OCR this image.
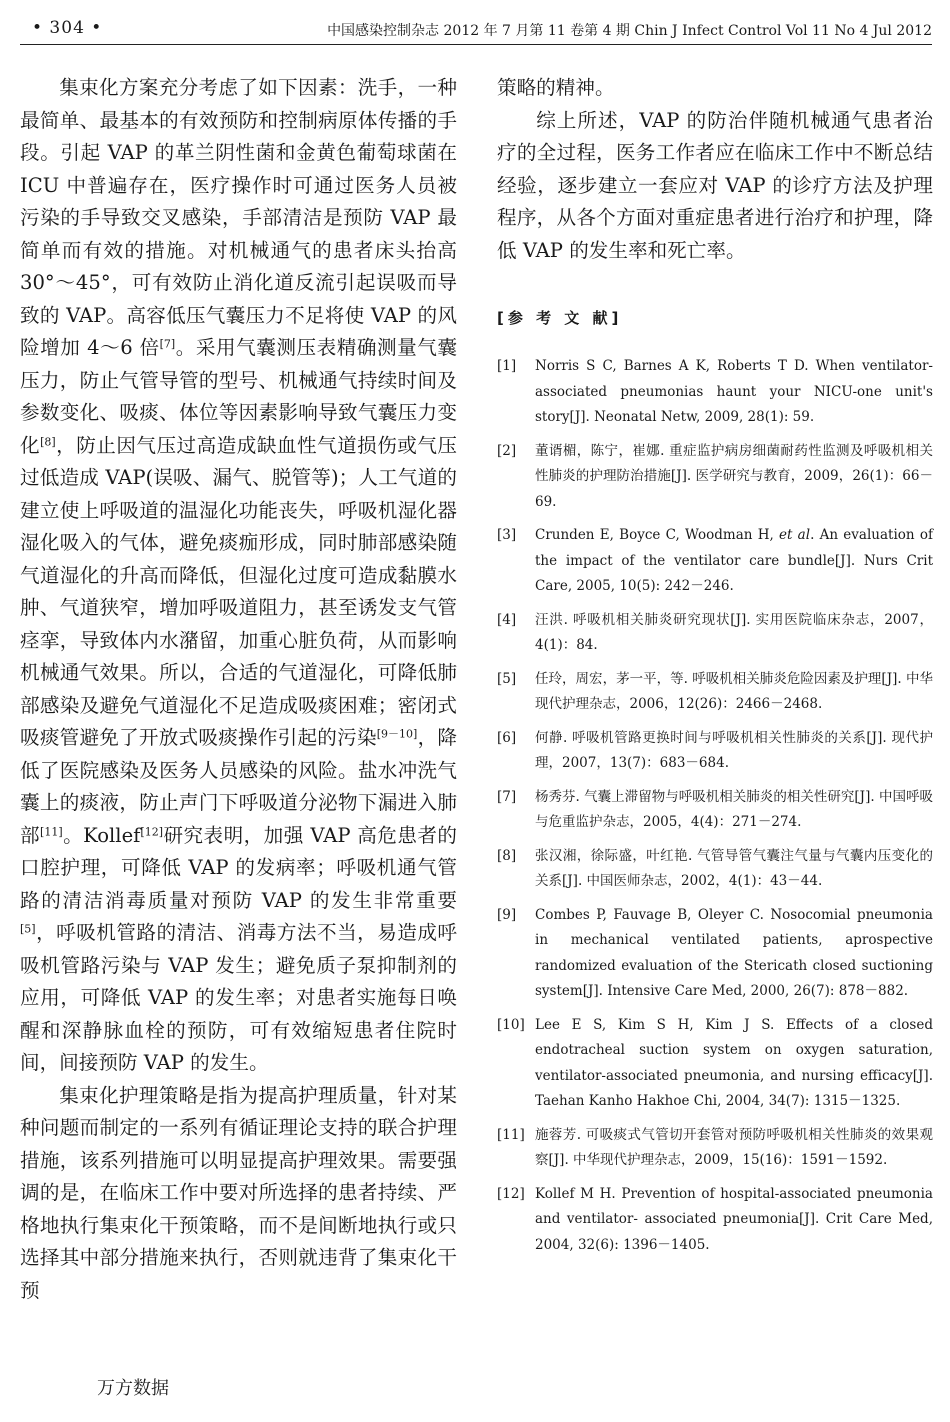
• 304 •	中国感染控制杂志 2012 年 7 月第 11 卷第 4 期 Chin J Infect Control Vol 11 No 4 Jul 2012

集束化方案充分考虑了如下因素：洗手，一种最简单、最基本的有效预防和控制病原体传播的手段。引起 VAP 的革兰阴性菌和金黄色葡萄球菌在 ICU 中普遍存在，医疗操作时可通过医务人员被污染的手导致交叉感染，手部清洁是预防 VAP 最简单而有效的措施。对机械通气的患者床头抬高 30°～45°，可有效防止消化道反流引起误吸而导致的 VAP。高容低压气囊压力不足将使 VAP 的风险增加 4～6 倍[7]。采用气囊测压表精确测量气囊压力，防止气管导管的型号、机械通气持续时间及参数变化、吸痰、体位等因素影响导致气囊压力变化[8]，防止因气压过高造成缺血性气道损伤或气压过低造成 VAP(误吸、漏气、脱管等)；人工气道的建立使上呼吸道的温湿化功能丧失，呼吸机湿化器湿化吸入的气体，避免痰痂形成，同时肺部感染随气道湿化的升高而降低，但湿化过度可造成黏膜水肿、气道狭窄，增加呼吸道阻力，甚至诱发支气管痉挛，导致体内水潴留，加重心脏负荷，从而影响机械通气效果。所以，合适的气道湿化，可降低肺部感染及避免气道湿化不足造成吸痰困难；密闭式吸痰管避免了开放式吸痰操作引起的污染[9－10]，降低了医院感染及医务人员感染的风险。盐水冲洗气囊上的痰液，防止声门下呼吸道分泌物下漏进入肺部[11]。Kollef[12]研究表明，加强 VAP 高危患者的口腔护理，可降低 VAP 的发病率；呼吸机通气管路的清洁消毒质量对预防 VAP 的发生非常重要[5]，呼吸机管路的清洁、消毒方法不当，易造成呼吸机管路污染与 VAP 发生；避免质子泵抑制剂的应用，可降低 VAP 的发生率；对患者实施每日唤醒和深静脉血栓的预防，可有效缩短患者住院时间，间接预防 VAP 的发生。

集束化护理策略是指为提高护理质量，针对某种问题而制定的一系列有循证理论支持的联合护理措施，该系列措施可以明显提高护理效果。需要强调的是，在临床工作中要对所选择的患者持续、严格地执行集束化干预策略，而不是间断地执行或只选择其中部分措施来执行，否则就违背了集束化干预

策略的精神。

综上所述，VAP 的防治伴随机械通气患者治疗的全过程，医务工作者应在临床工作中不断总结经验，逐步建立一套应对 VAP 的诊疗方法及护理程序，从各个方面对重症患者进行治疗和护理，降低 VAP 的发生率和死亡率。

[参 考 文 献]
[1]	Norris S C, Barnes A K, Roberts T D. When ventilator-associated pneumonias haunt your NICU-one unit's story[J]. Neonatal Netw, 2009, 28(1): 59.
[2]	董谞楣，陈宁，崔娜. 重症监护病房细菌耐药性监测及呼吸机相关性肺炎的护理防治措施[J]. 医学研究与教育，2009，26(1)：66－69.
[3]	Crunden E, Boyce C, Woodman H, et al. An evaluation of the impact of the ventilator care bundle[J]. Nurs Crit Care, 2005, 10(5): 242－246.
[4]	汪洪. 呼吸机相关肺炎研究现状[J]. 实用医院临床杂志，2007，4(1)：84.
[5]	任玲，周宏，茅一平，等. 呼吸机相关肺炎危险因素及护理[J]. 中华现代护理杂志，2006，12(26)：2466－2468.
[6]	何静. 呼吸机管路更换时间与呼吸机相关性肺炎的关系[J]. 现代护理，2007，13(7)：683－684.
[7]	杨秀芬. 气囊上滞留物与呼吸机相关肺炎的相关性研究[J]. 中国呼吸与危重监护杂志，2005，4(4)：271－274.
[8]	张汉湘，徐际盛，叶红艳. 气管导管气囊注气量与气囊内压变化的关系[J]. 中国医师杂志，2002，4(1)：43－44.
[9]	Combes P, Fauvage B, Oleyer C. Nosocomial pneumonia in mechanical ventilated patients, aprospective randomized evaluation of the Stericath closed suctioning system[J]. Intensive Care Med, 2000, 26(7): 878－882.
[10] Lee E S, Kim S H, Kim J S. Effects of a closed endotracheal suction system on oxygen saturation, ventilator-associated pneumonia, and nursing efficacy[J]. Taehan Kanho Hakhoe Chi, 2004, 34(7): 1315－1325.
[11] 施蓉芳. 可吸痰式气管切开套管对预防呼吸机相关性肺炎的效果观察[J]. 中华现代护理杂志，2009，15(16)：1591－1592.
[12] Kollef M H. Prevention of hospital-associated pneumonia and ventilator- associated pneumonia[J]. Crit Care Med, 2004, 32(6): 1396－1405.
万方数据
